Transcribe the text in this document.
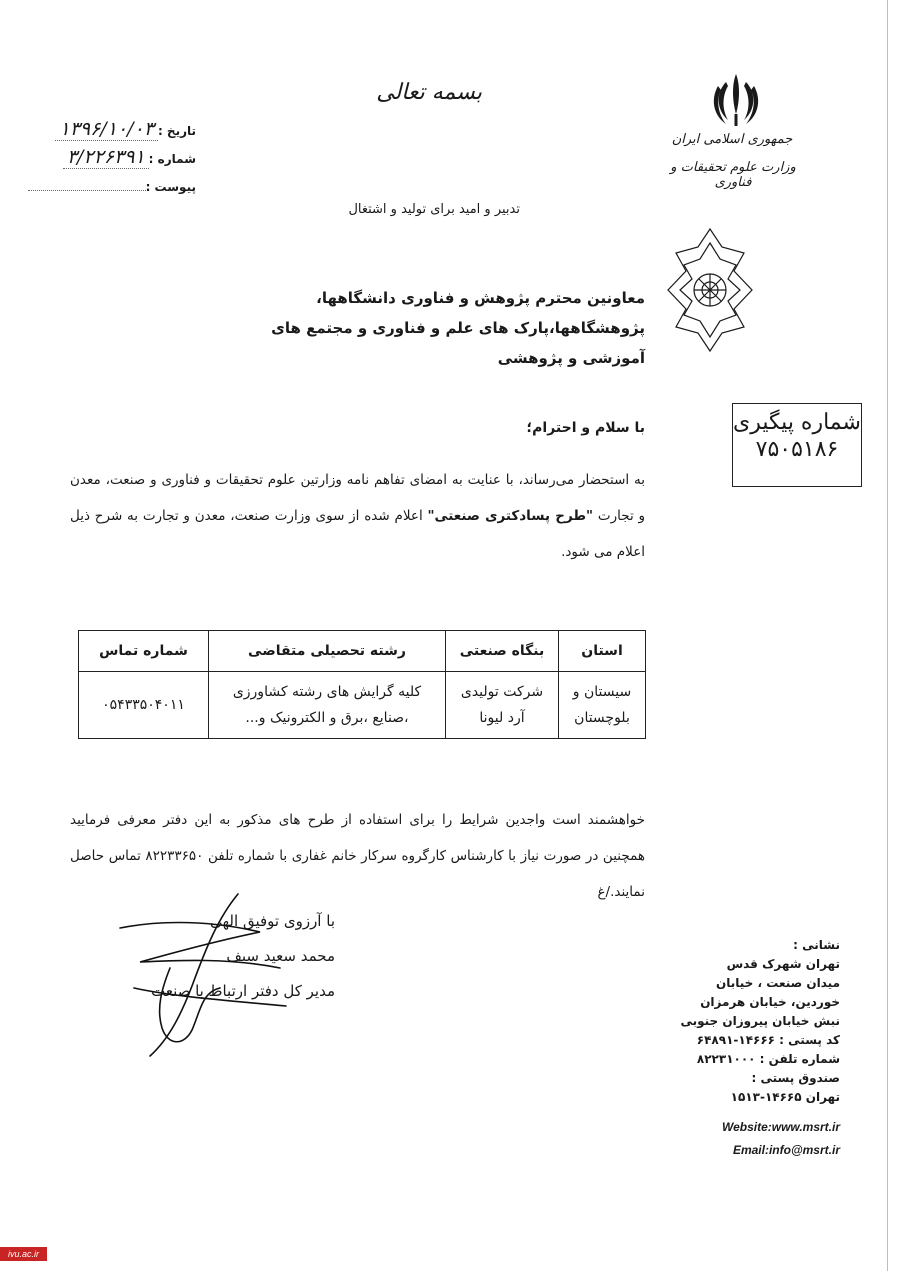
بسمه تعالی
تاریخ :
۱۳۹۶/۱۰/۰۳
شماره :
۳/۲۲۶۳۹۱
پیوست :
تدبیر و امید برای تولید و اشتغال
جمهوری اسلامی ایران
وزارت علوم تحقیقات و فناوری
معاونین محترم پژوهش و فناوری دانشگاهها، پژوهشگاهها،پارک های علم و فناوری و مجتمع های آموزشی و پژوهشی
شماره پیگیری
۷۵۰۵۱۸۶
با سلام و احترام؛
به استحضار می‌رساند، با عنایت به امضای تفاهم نامه وزارتین علوم تحقیقات و فناوری و صنعت، معدن و تجارت "طرح پسادکتری صنعتی" اعلام شده از سوی وزارت صنعت، معدن و تجارت به شرح ذیل اعلام می شود.
استان	بنگاه صنعتی	رشته تحصیلی متقاضی	شماره تماس
سیستان و بلوچستان	شرکت تولیدی آرد لیونا	کلیه گرایش های رشته کشاورزی ،صنایع ،برق و الکترونیک و...	۰۵۴۳۳۵۰۴۰۱۱
خواهشمند است واجدین شرایط را برای استفاده از طرح های مذکور به این دفتر معرفی فرمایید همچنین در صورت نیاز با کارشناس کارگروه سرکار خانم غفاری با شماره تلفن ۸۲۲۳۳۶۵۰ تماس حاصل نمایند./غ
با آرزوی توفیق الهی
محمد سعید سیف
مدیر کل دفتر ارتباط با صنعت
نشانی :
تهران شهرک قدس
میدان صنعت ، خیابان
خوردین، خیابان هرمزان
نبش خیابان پیروزان جنوبی
کد پستی : ۱۴۶۶۶-۶۴۸۹۱
شماره تلفن : ۸۲۲۳۱۰۰۰
صندوق پستی :
تهران ۱۴۶۶۵-۱۵۱۳
Website:www.msrt.ir
Email:info@msrt.ir
ivu.ac.ir
